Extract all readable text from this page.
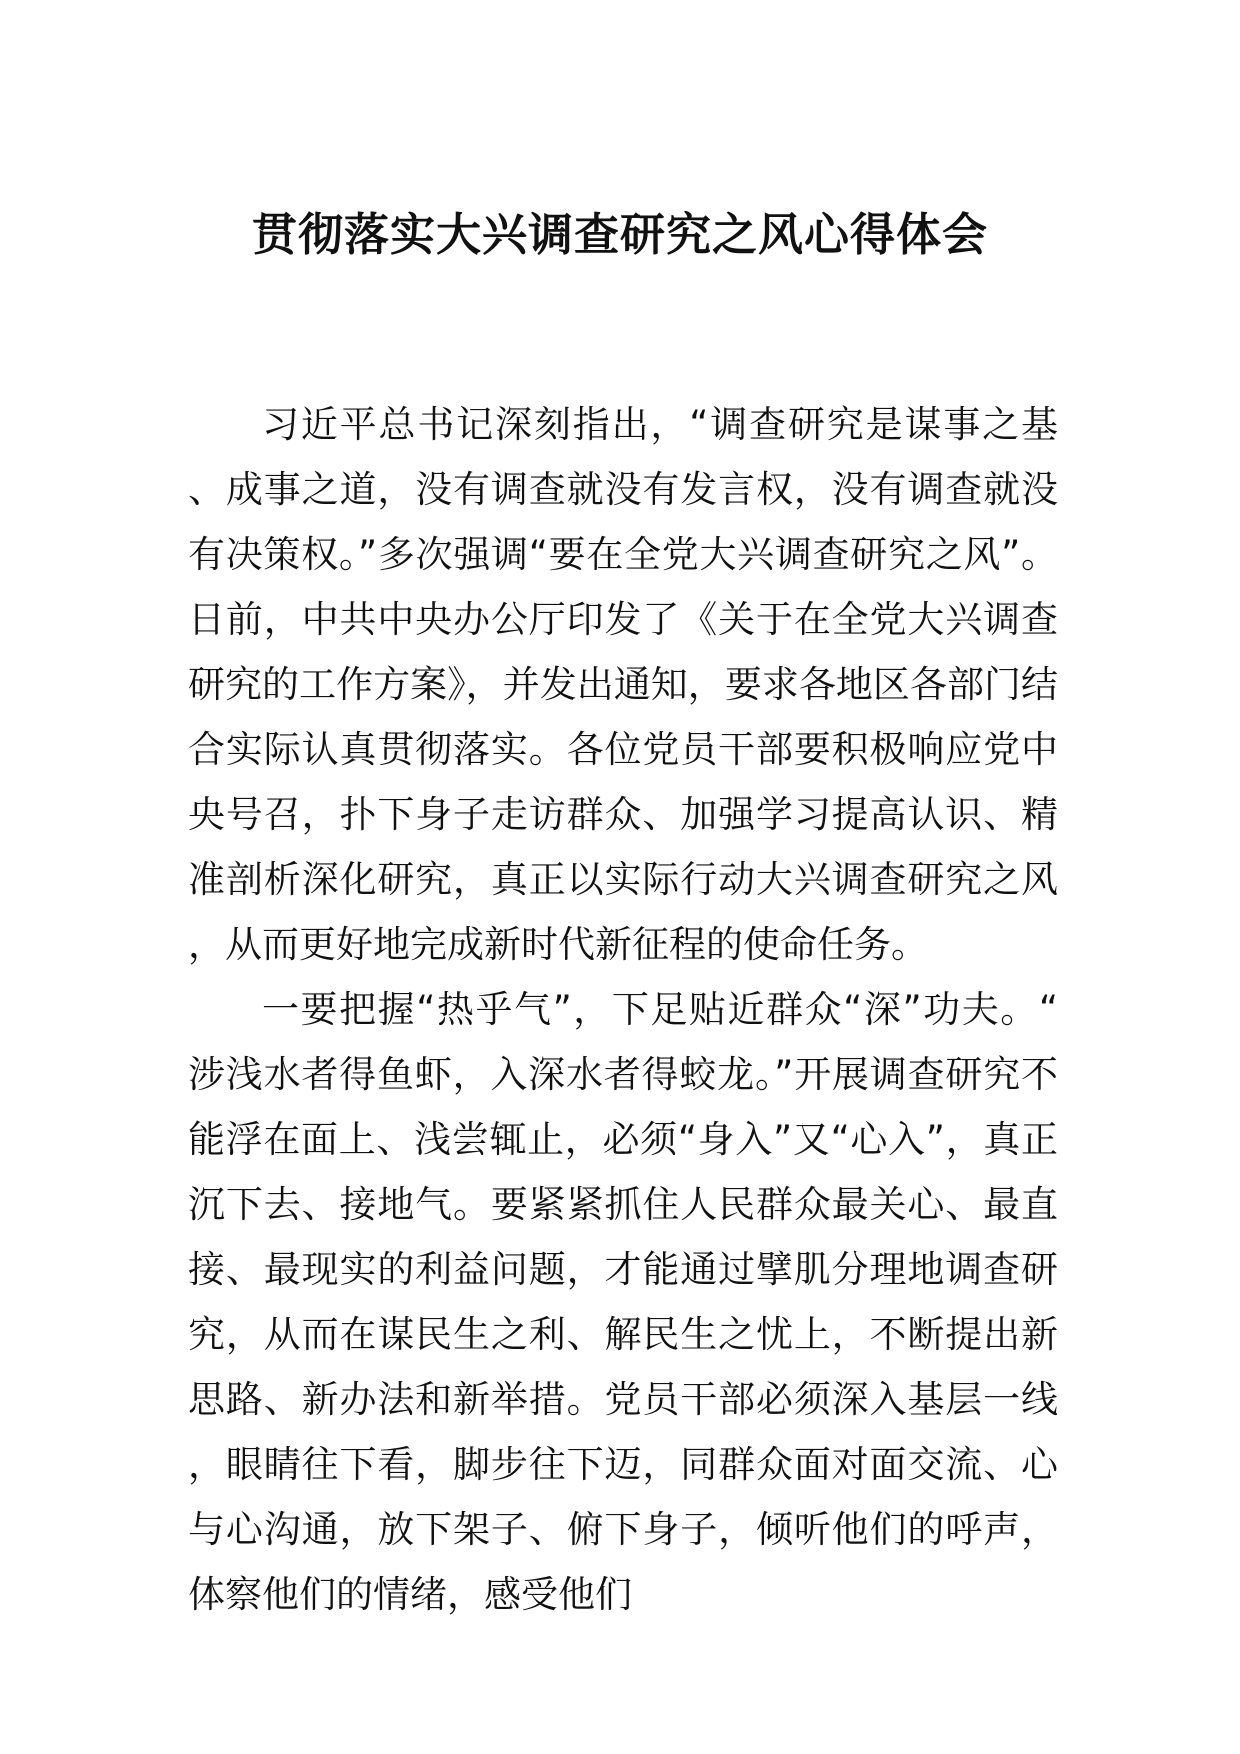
贯彻落实大兴调查研究之风心得体会

习近平总书记深刻指出，“调查研究是谋事之基、成事之道，没有调查就没有发言权，没有调查就没有决策权。”多次强调“要在全党大兴调查研究之风”。日前，中共中央办公厅印发了《关于在全党大兴调查研究的工作方案》，并发出通知，要求各地区各部门结合实际认真贯彻落实。各位党员干部要积极响应党中央号召，扑下身子走访群众、加强学习提高认识、精准剖析深化研究，真正以实际行动大兴调查研究之风，从而更好地完成新时代新征程的使命任务。

一要把握“热乎气”，下足贴近群众“深”功夫。“涉浅水者得鱼虾，入深水者得蛟龙。”开展调查研究不能浮在面上、浅尝辄止，必须“身入”又“心入”，真正沉下去、接地气。要紧紧抓住人民群众最关心、最直接、最现实的利益问题，才能通过擘肌分理地调查研究，从而在谋民生之利、解民生之忧上，不断提出新思路、新办法和新举措。党员干部必须深入基层一线，眼睛往下看，脚步往下迈，同群众面对面交流、心与心沟通，放下架子、俯下身子，倾听他们的呼声，体察他们的情绪，感受他们
